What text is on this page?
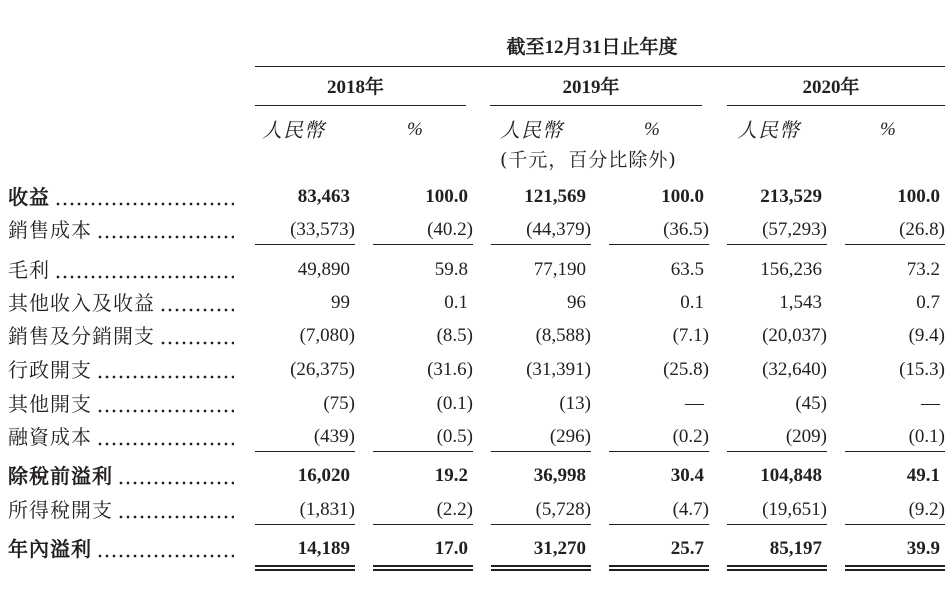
截至12月31日止年度
2018年	2019年	2020年
人民幣	%	人民幣	%	人民幣	%
(千元，百分比除外)
收益	83,463	100.0	121,569	100.0	213,529	100.0
銷售成本	(33,573)	(40.2)	(44,379)	(36.5)	(57,293)	(26.8)
毛利	49,890	59.8	77,190	63.5	156,236	73.2
其他收入及收益	99	0.1	96	0.1	1,543	0.7
銷售及分銷開支	(7,080)	(8.5)	(8,588)	(7.1)	(20,037)	(9.4)
行政開支	(26,375)	(31.6)	(31,391)	(25.8)	(32,640)	(15.3)
其他開支	(75)	(0.1)	(13)	—	(45)	—
融資成本	(439)	(0.5)	(296)	(0.2)	(209)	(0.1)
除稅前溢利	16,020	19.2	36,998	30.4	104,848	49.1
所得稅開支	(1,831)	(2.2)	(5,728)	(4.7)	(19,651)	(9.2)
年內溢利	14,189	17.0	31,270	25.7	85,197	39.9
